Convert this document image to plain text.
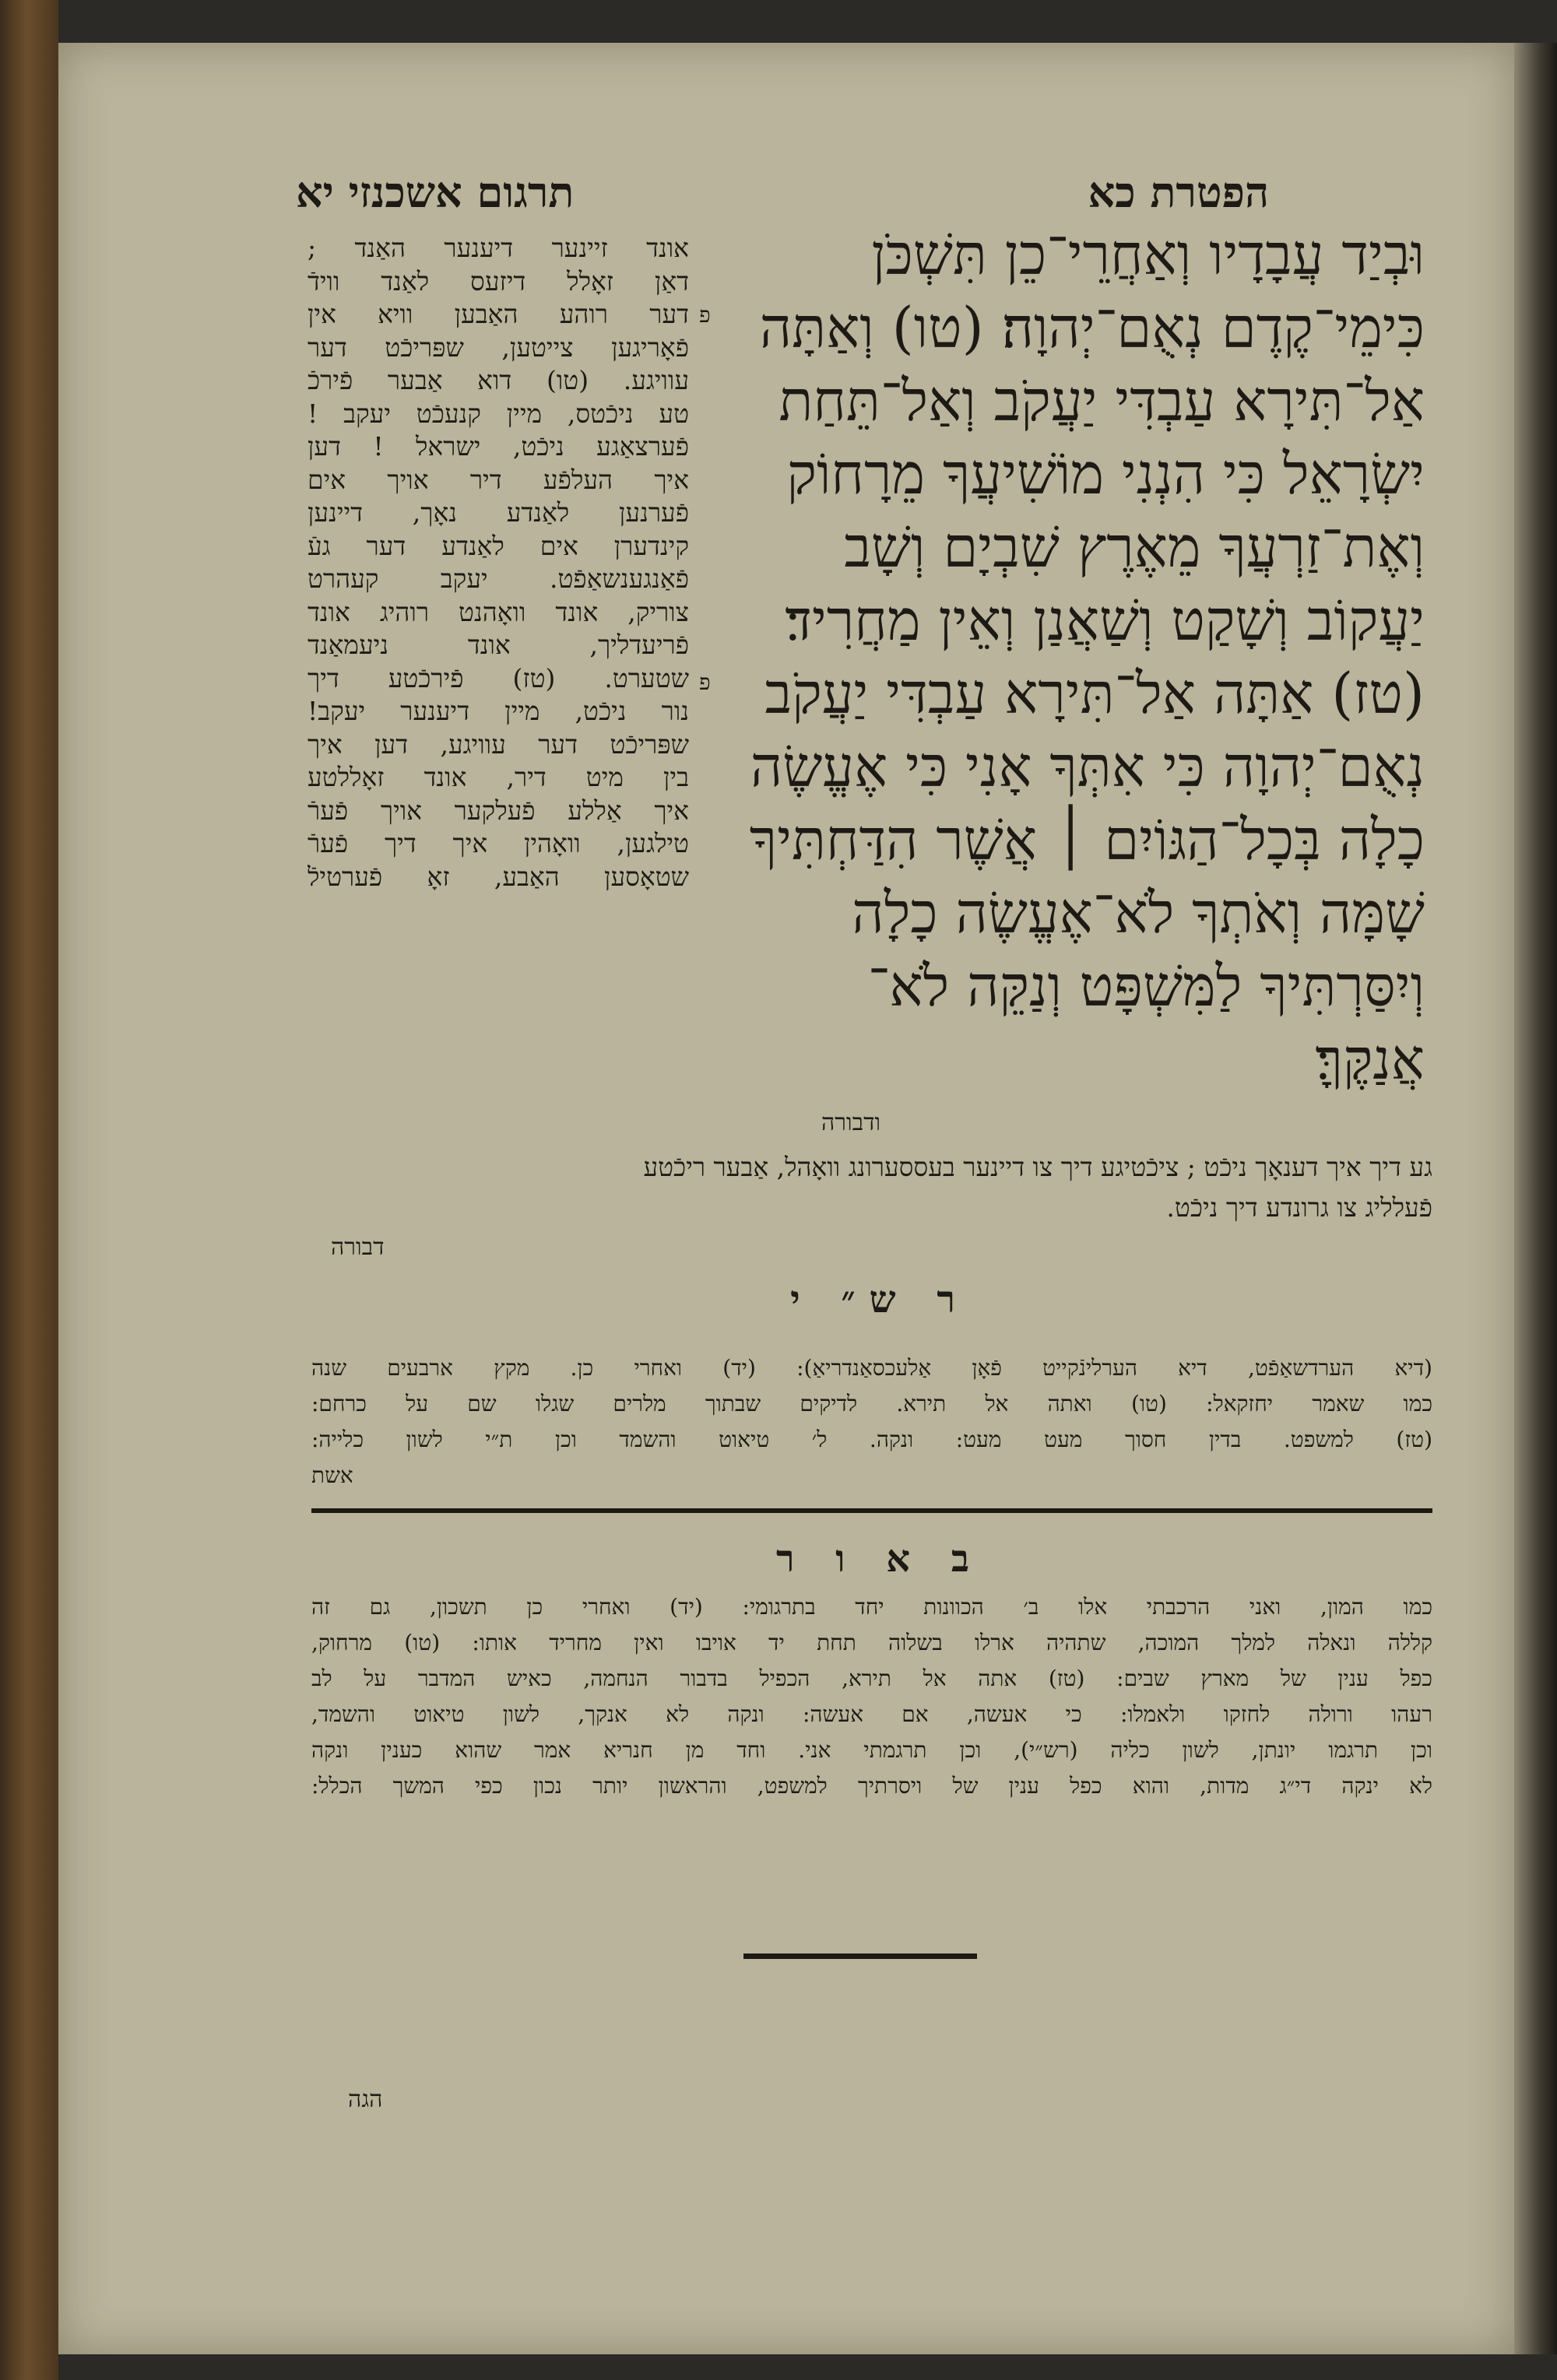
הפטרת כא
תרגום אשכנזי יא
וּבְיַד עֲבָדָיו וְאַחֲרֵי־כֵן תִּשְׁכֹּן
כִּימֵי־קֶדֶם נְאֻם־יְהוָה׃ (טו) וְאַתָּה
אַל־תִּירָא עַבְדִּי יַעֲקֹב וְאַל־תֵּחַת
יִשְׂרָאֵל כִּי הִנְנִי מוֹשִׁיעֲךָ מֵרָחוֹק
וְאֶת־זַרְעֲךָ מֵאֶרֶץ שִׁבְיָם וְשָׁב
יַעֲקוֹב וְשָׁקַט וְשַׁאֲנַן וְאֵין מַחֲרִיד׃
(טז) אַתָּה אַל־תִּירָא עַבְדִּי יַעֲקֹב
נְאֻם־יְהוָה כִּי אִתְּךָ אָנִי כִּי אֶעֱשֶׂה
כָלָה בְּכָל־הַגּוֹיִם ׀ אֲשֶׁר הִדַּחְתִּיךָ
שָׁמָּה וְאֹתְךָ לֹא־אֶעֱשֶׂה כָלָה
וְיִסַּרְתִּיךָ לַמִּשְׁפָּט וְנַקֵּה לֹא־
אֲנַקֶּךָּ׃
פ
פ
אונד זיינער דיענער האַנד ;
דאַן זאָלל דיזעס לאַנד ווידֿ
דער רוהע האַבען וויא אין
פֿאָריגען צייטען, שפּריכֿט דער
עוויגע. (טו) דוא אַבער פֿירכֿ
טע ניכֿטס, מיין קנעכֿט יעקב !
פֿערצאַגע ניכֿט, ישראל ! דען
איך העלפֿע דיר אויך אים
פֿערנען לאַנדע נאָך, דיינען
קינדערן אים לאַנדע דער געֿ
פֿאַנגענשאַפֿט. יעקב קעהרט
צוריק, אונד וואָהנט רוהיג אונד
פֿריעדליך, אונד ניעמאַנד
שטערט. (טז) פֿירכֿטע דיך
נור ניכֿט, מיין דיענער יעקב!
שפּריכֿט דער עוויגע, דען איך
בין מיט דיר, אונד זאָללטע
איך אַללע פֿעלקער אויך פֿערֿ
טילגען, וואָהין איך דיך פֿערֿ
שטאָסען האַבע, זאָ פֿערטילֿ
ודבורה
גע דיך איך דענאָך ניכֿט ; ציכֿטיגע דיך צו דיינער בעססערונג וואָהל, אַבער ריכֿטע
פֿעלליג צו גרונדע דיך ניכֿט.
דבורה
ר ש״ י
(דיא הערדשאַפֿט, דיא הערלינֿקייט פֿאָן אַלעכסאַנדריאַ): (יד) ואחרי כן. מקץ ארבעים שנה
כמו שאמר יחזקאל: (טו) ואתה אל תירא. לדיקים שבתוך מלרים שגלו שם על כרחם:
(טז) למשפט. בדין חסוך מעט מעט: ונקה. ל׳ טיאוט והשמד וכן ת״י לשון כלייה:
אשת
ב א ו ר
כמו המון, ואני הרכבתי אלו ב׳ הכוונות יחד בתרגומי: (יד) ואחרי כן תשכון, גם זה
קללה ונאלה למלך המוכה, שתהיה ארלו בשלוה תחת יד אויבו ואין מחריד אותו: (טו) מרחוק,
כפל ענין של מארץ שבים: (טז) אתה אל תירא, הכפיל בדבור הנחמה, כאיש המדבר על לב
רעהו ורולה לחזקו ולאמלו: כי אעשה, אם אעשה: ונקה לא אנקך, לשון טיאוט והשמד,
וכן תרגמו יונתן, לשון כליה (רש״י), וכן תרגמתי אני. וחד מן חנריא אמר שהוא כענין ונקה
לא ינקה די״ג מדות, והוא כפל ענין של ויסרתיך למשפט, והראשון יותר נכון כפי המשך הכלל:
הגה
